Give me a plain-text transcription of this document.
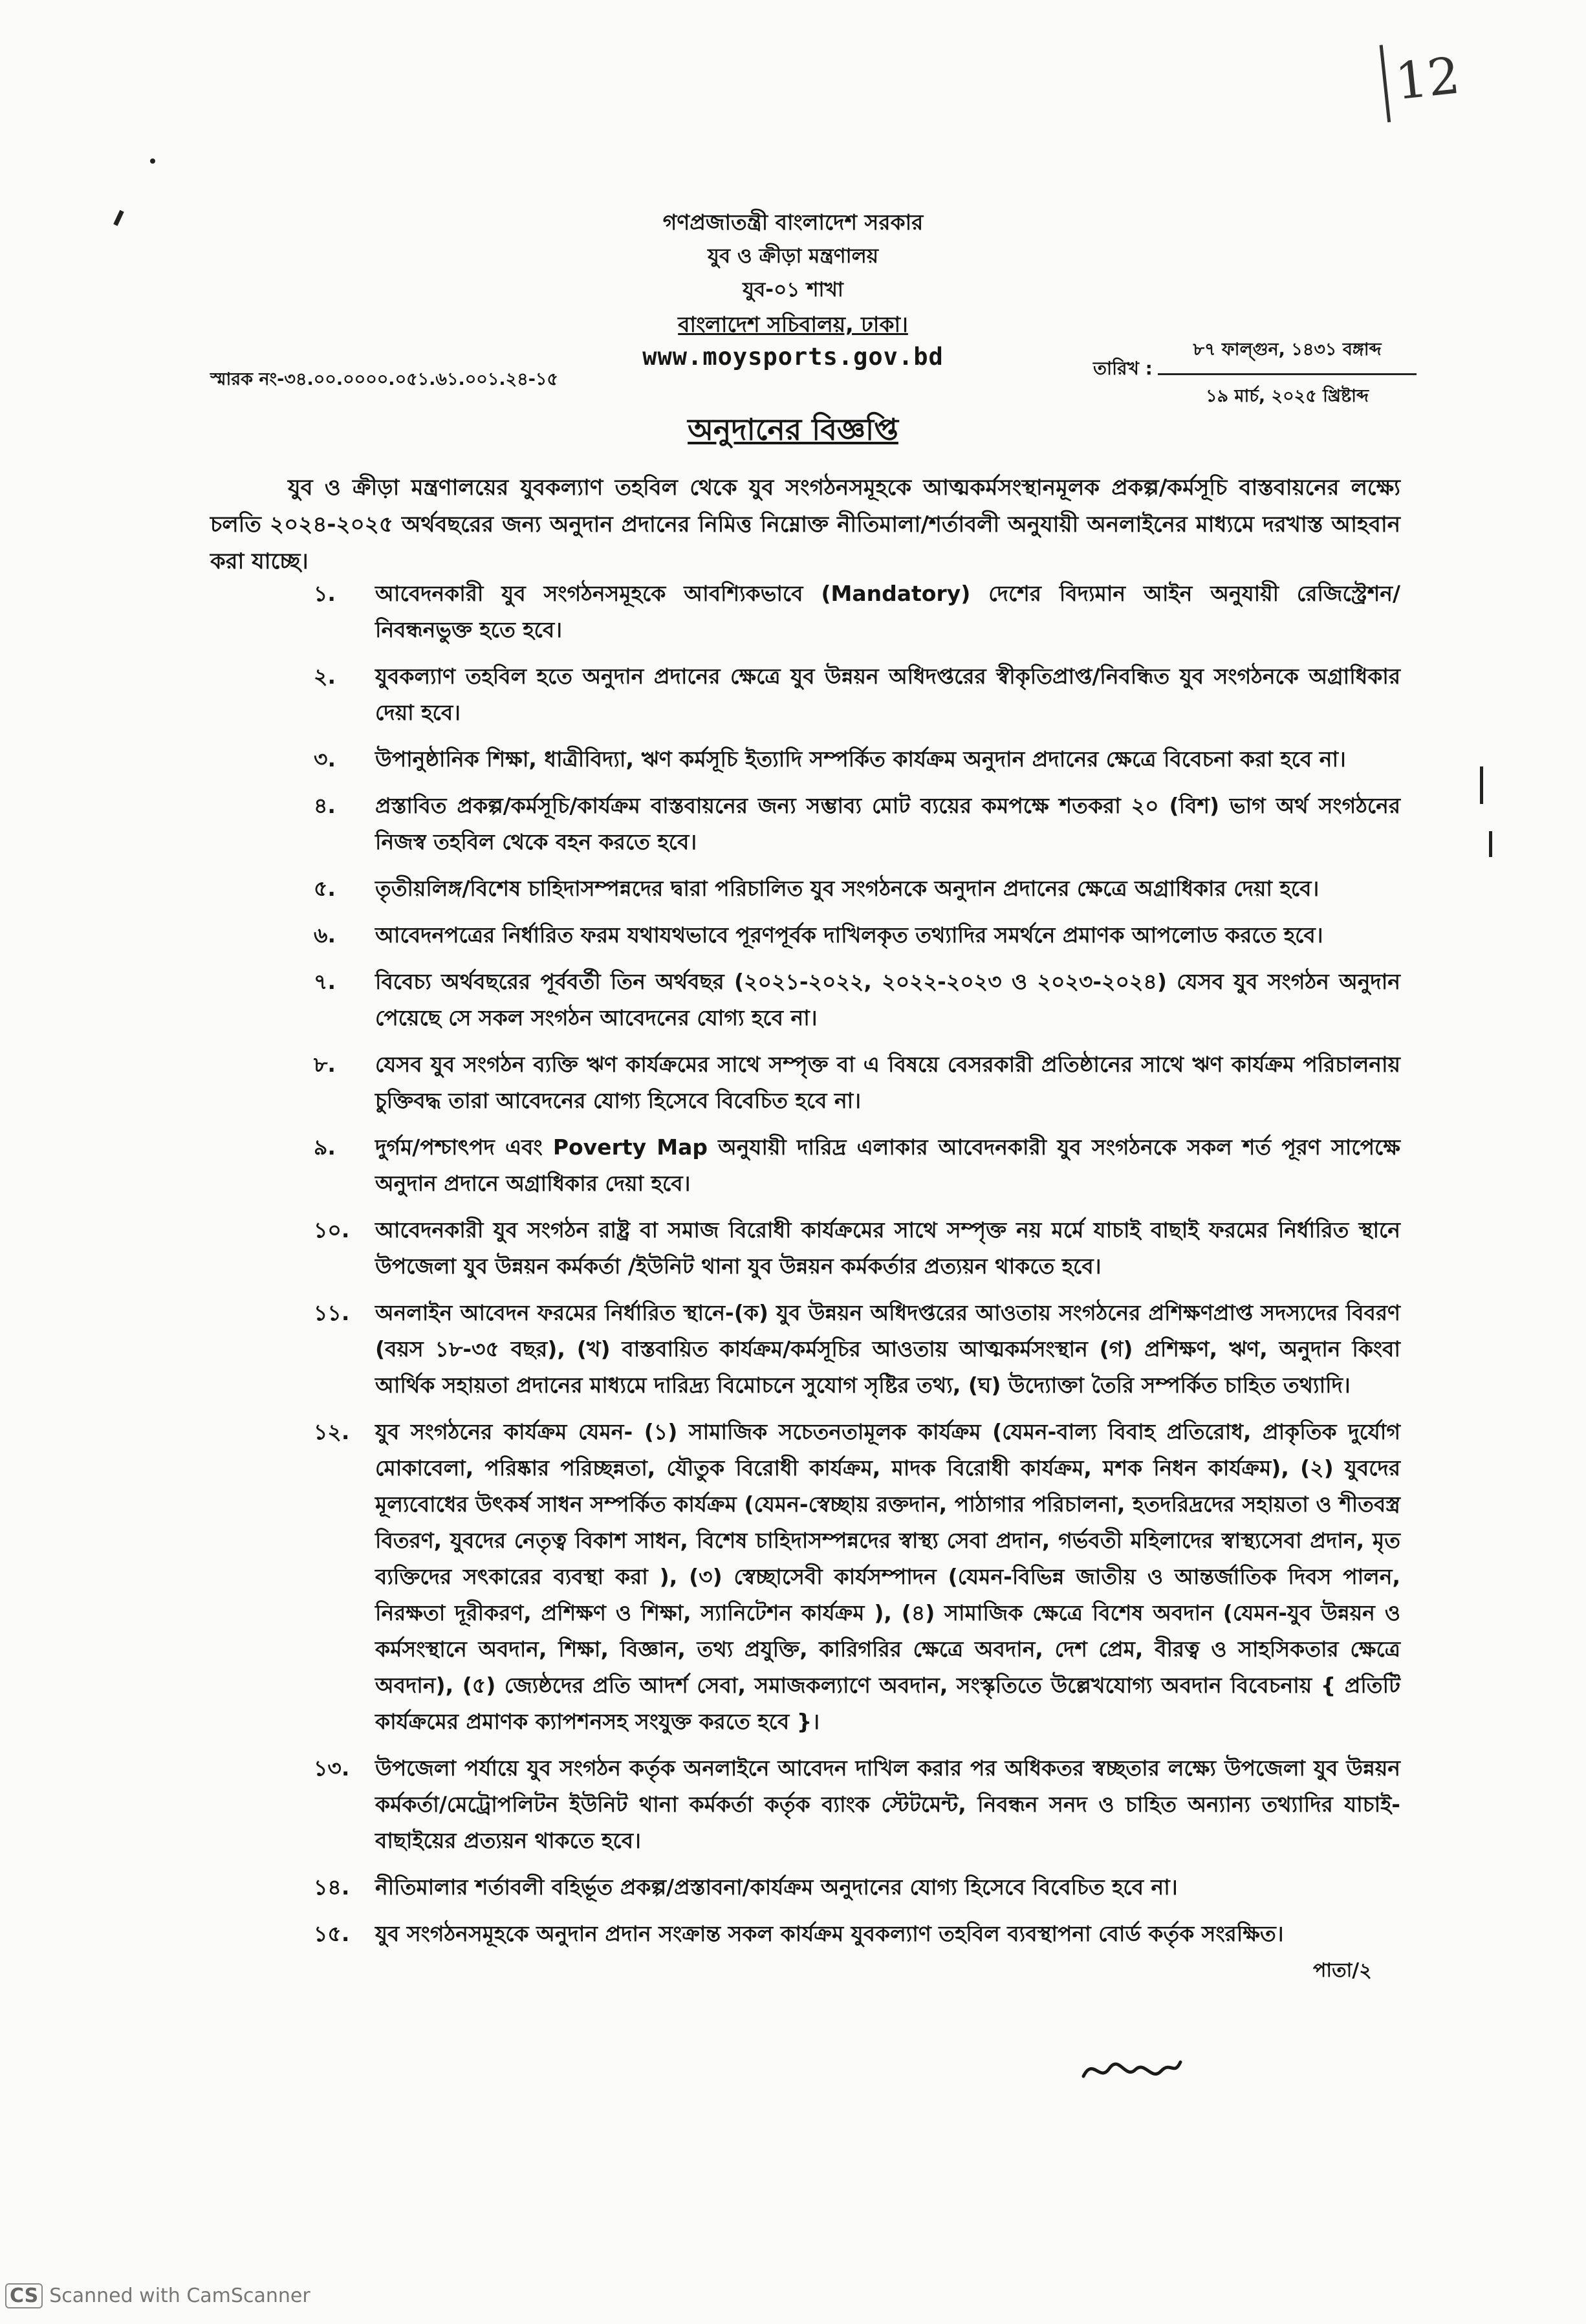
12
গণপ্রজাতন্ত্রী বাংলাদেশ সরকার
যুব ও ক্রীড়া মন্ত্রণালয়
যুব-০১ শাখা
বাংলাদেশ সচিবালয়, ঢাকা।
www.moysports.gov.bd
স্মারক নং-৩৪.০০.০০০০.০৫১.৬১.০০১.২৪-১৫
তারিখ :
৮৭ ফাল্গুন, ১৪৩১ বঙ্গাব্দ
১৯ মার্চ, ২০২৫ খ্রিষ্টাব্দ
অনুদানের বিজ্ঞপ্তি
যুব ও ক্রীড়া মন্ত্রণালয়ের যুবকল্যাণ তহবিল থেকে যুব সংগঠনসমূহকে আত্মকর্মসংস্থানমূলক প্রকল্প/কর্মসূচি বাস্তবায়নের লক্ষ্যে চলতি ২০২৪-২০২৫ অর্থবছরের জন্য অনুদান প্রদানের নিমিত্ত নিম্নোক্ত নীতিমালা/শর্তাবলী অনুযায়ী অনলাইনের মাধ্যমে দরখাস্ত আহবান করা যাচ্ছে।
১.	আবেদনকারী যুব সংগঠনসমূহকে আবশ্যিকভাবে (Mandatory) দেশের বিদ্যমান আইন অনুযায়ী রেজিস্ট্রেশন/ নিবন্ধনভুক্ত হতে হবে।
২.	যুবকল্যাণ তহবিল হতে অনুদান প্রদানের ক্ষেত্রে যুব উন্নয়ন অধিদপ্তরের স্বীকৃতিপ্রাপ্ত/নিবন্ধিত যুব সংগঠনকে অগ্রাধিকার দেয়া হবে।
৩.	উপানুষ্ঠানিক শিক্ষা, ধাত্রীবিদ্যা, ঋণ কর্মসূচি ইত্যাদি সম্পর্কিত কার্যক্রম অনুদান প্রদানের ক্ষেত্রে বিবেচনা করা হবে না।
৪.	প্রস্তাবিত প্রকল্প/কর্মসূচি/কার্যক্রম বাস্তবায়নের জন্য সম্ভাব্য মোট ব্যয়ের কমপক্ষে শতকরা ২০ (বিশ) ভাগ অর্থ সংগঠনের নিজস্ব তহবিল থেকে বহন করতে হবে।
৫.	তৃতীয়লিঙ্গ/বিশেষ চাহিদাসম্পন্নদের দ্বারা পরিচালিত যুব সংগঠনকে অনুদান প্রদানের ক্ষেত্রে অগ্রাধিকার দেয়া হবে।
৬.	আবেদনপত্রের নির্ধারিত ফরম যথাযথভাবে পূরণপূর্বক দাখিলকৃত তথ্যাদির সমর্থনে প্রমাণক আপলোড করতে হবে।
৭.	বিবেচ্য অর্থবছরের পূর্ববর্তী তিন অর্থবছর (২০২১-২০২২, ২০২২-২০২৩ ও ২০২৩-২০২৪) যেসব যুব সংগঠন অনুদান পেয়েছে সে সকল সংগঠন আবেদনের যোগ্য হবে না।
৮.	যেসব যুব সংগঠন ব্যক্তি ঋণ কার্যক্রমের সাথে সম্পৃক্ত বা এ বিষয়ে বেসরকারী প্রতিষ্ঠানের সাথে ঋণ কার্যক্রম পরিচালনায় চুক্তিবদ্ধ তারা আবেদনের যোগ্য হিসেবে বিবেচিত হবে না।
৯.	দুর্গম/পশ্চাৎপদ এবং Poverty Map অনুযায়ী দারিদ্র এলাকার আবেদনকারী যুব সংগঠনকে সকল শর্ত পূরণ সাপেক্ষে অনুদান প্রদানে অগ্রাধিকার দেয়া হবে।
১০.	আবেদনকারী যুব সংগঠন রাষ্ট্র বা সমাজ বিরোধী কার্যক্রমের সাথে সম্পৃক্ত নয় মর্মে যাচাই বাছাই ফরমের নির্ধারিত স্থানে উপজেলা যুব উন্নয়ন কর্মকর্তা /ইউনিট থানা যুব উন্নয়ন কর্মকর্তার প্রত্যয়ন থাকতে হবে।
১১.	অনলাইন আবেদন ফরমের নির্ধারিত স্থানে-(ক) যুব উন্নয়ন অধিদপ্তরের আওতায় সংগঠনের প্রশিক্ষণপ্রাপ্ত সদস্যদের বিবরণ (বয়স ১৮-৩৫ বছর), (খ) বাস্তবায়িত কার্যক্রম/কর্মসূচির আওতায় আত্মকর্মসংস্থান (গ) প্রশিক্ষণ, ঋণ, অনুদান কিংবা আর্থিক সহায়তা প্রদানের মাধ্যমে দারিদ্র্য বিমোচনে সুযোগ সৃষ্টির তথ্য, (ঘ) উদ্যোক্তা তৈরি সম্পর্কিত চাহিত তথ্যাদি।
১২.	যুব সংগঠনের কার্যক্রম যেমন- (১) সামাজিক সচেতনতামূলক কার্যক্রম (যেমন-বাল্য বিবাহ প্রতিরোধ, প্রাকৃতিক দুর্যোগ মোকাবেলা, পরিষ্কার পরিচ্ছন্নতা, যৌতুক বিরোধী কার্যক্রম, মাদক বিরোধী কার্যক্রম, মশক নিধন কার্যক্রম), (২) যুবদের মূল্যবোধের উৎকর্ষ সাধন সম্পর্কিত কার্যক্রম (যেমন-স্বেচ্ছায় রক্তদান, পাঠাগার পরিচালনা, হতদরিদ্রদের সহায়তা ও শীতবস্ত্র বিতরণ, যুবদের নেতৃত্ব বিকাশ সাধন, বিশেষ চাহিদাসম্পন্নদের স্বাস্থ্য সেবা প্রদান, গর্ভবতী মহিলাদের স্বাস্থ্যসেবা প্রদান, মৃত ব্যক্তিদের সৎকারের ব্যবস্থা করা ), (৩) স্বেচ্ছাসেবী কার্যসম্পাদন (যেমন-বিভিন্ন জাতীয় ও আন্তর্জাতিক দিবস পালন, নিরক্ষতা দূরীকরণ, প্রশিক্ষণ ও শিক্ষা, স্যানিটেশন কার্যক্রম ), (৪) সামাজিক ক্ষেত্রে বিশেষ অবদান (যেমন-যুব উন্নয়ন ও কর্মসংস্থানে অবদান, শিক্ষা, বিজ্ঞান, তথ্য প্রযুক্তি, কারিগরির ক্ষেত্রে অবদান, দেশ প্রেম, বীরত্ব ও সাহসিকতার ক্ষেত্রে অবদান), (৫) জ্যেষ্ঠদের প্রতি আদর্শ সেবা, সমাজকল্যাণে অবদান, সংস্কৃতিতে উল্লেখযোগ্য অবদান বিবেচনায় { প্রতিটি কার্যক্রমের প্রমাণক ক্যাপশনসহ সংযুক্ত করতে হবে }।
১৩.	উপজেলা পর্যায়ে যুব সংগঠন কর্তৃক অনলাইনে আবেদন দাখিল করার পর অধিকতর স্বচ্ছতার লক্ষ্যে উপজেলা যুব উন্নয়ন কর্মকর্তা/মেট্রোপলিটন ইউনিট থানা কর্মকর্তা কর্তৃক ব্যাংক স্টেটমেন্ট, নিবন্ধন সনদ ও চাহিত অন্যান্য তথ্যাদির যাচাই-বাছাইয়ের প্রত্যয়ন থাকতে হবে।
১৪.	নীতিমালার শর্তাবলী বহির্ভূত প্রকল্প/প্রস্তাবনা/কার্যক্রম অনুদানের যোগ্য হিসেবে বিবেচিত হবে না।
১৫.	যুব সংগঠনসমূহকে অনুদান প্রদান সংক্রান্ত সকল কার্যক্রম যুবকল্যাণ তহবিল ব্যবস্থাপনা বোর্ড কর্তৃক সংরক্ষিত।
পাতা/২
CS Scanned with CamScanner
